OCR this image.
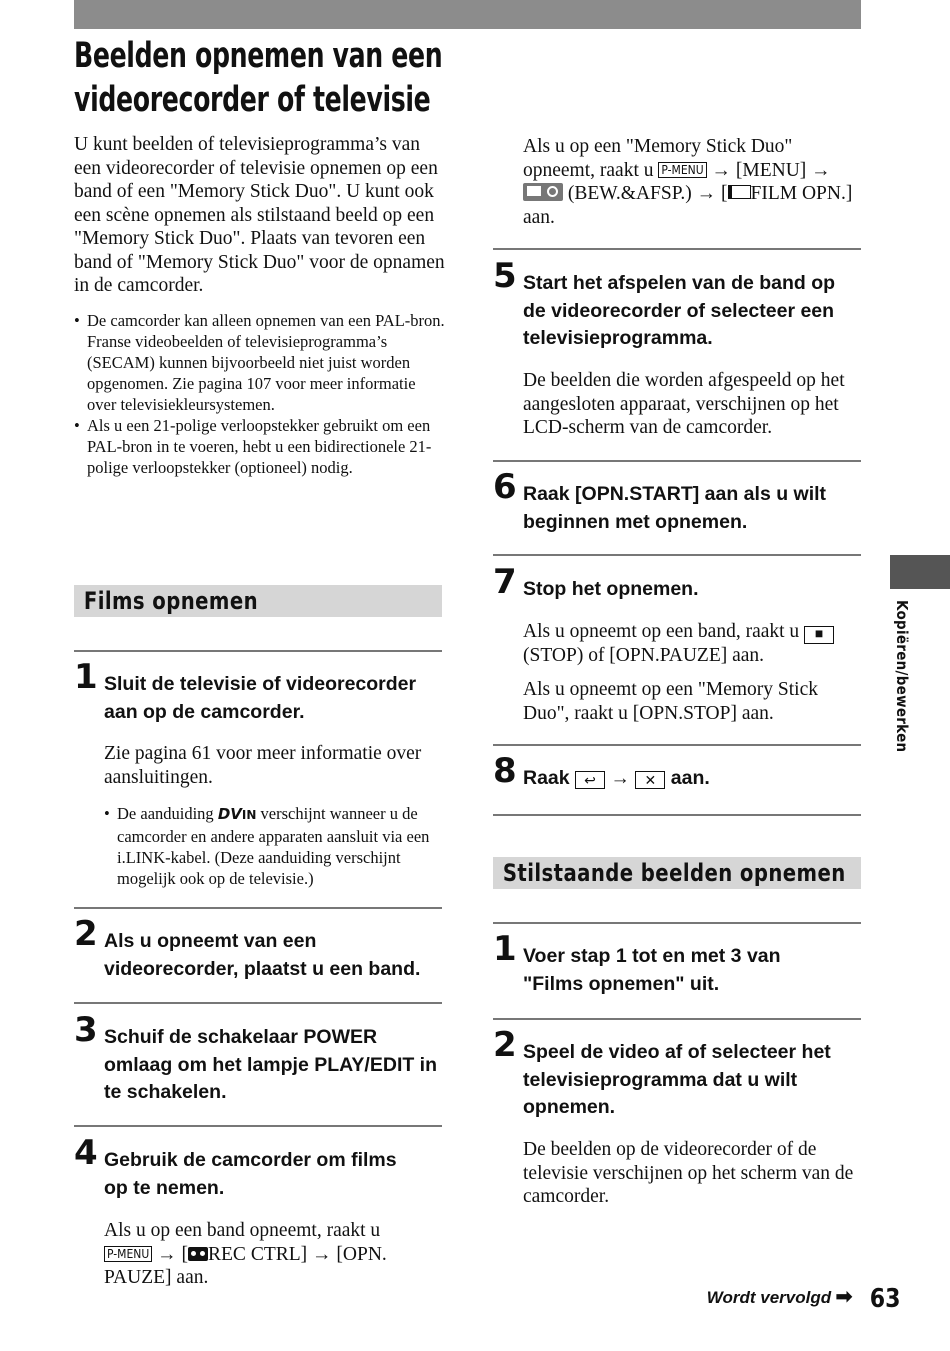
Beelden opnemen van een
videorecorder of televisie

U kunt beelden of televisieprogramma’s van een videorecorder of televisie opnemen op een band of een "Memory Stick Duo". U kunt ook een scène opnemen als stilstaand beeld op een "Memory Stick Duo". Plaats van tevoren een band of "Memory Stick Duo" voor de opnamen in de camcorder.

• De camcorder kan alleen opnemen van een PAL-bron. Franse videobeelden of televisieprogramma’s (SECAM) kunnen bijvoorbeeld niet juist worden opgenomen. Zie pagina 107 voor meer informatie over televisiekleursystemen.
• Als u een 21-polige verloopstekker gebruikt om een PAL-bron in te voeren, hebt u een bidirectionele 21-polige verloopstekker (optioneel) nodig.
Films opnemen
1 Sluit de televisie of videorecorder aan op de camcorder.
Zie pagina 61 voor meer informatie over aansluitingen.
• De aanduiding DVIN verschijnt wanneer u de camcorder en andere apparaten aansluit via een i.LINK-kabel. (Deze aanduiding verschijnt mogelijk ook op de televisie.)
2 Als u opneemt van een videorecorder, plaatst u een band.
3 Schuif de schakelaar POWER omlaag om het lampje PLAY/EDIT in te schakelen.
4 Gebruik de camcorder om films op te nemen.
Als u op een band opneemt, raakt u P-MENU → [ REC CTRL] → [OPN. PAUZE] aan.

Als u op een "Memory Stick Duo" opneemt, raakt u P-MENU → [MENU] →
(BEW.&AFSP.) → [ FILM OPN.] aan.

5 Start het afspelen van de band op de videorecorder of selecteer een televisieprogramma.
De beelden die worden afgespeeld op het aangesloten apparaat, verschijnen op het LCD-scherm van de camcorder.
6 Raak [OPN.START] aan als u wilt beginnen met opnemen.
7 Stop het opnemen.
Als u opneemt op een band, raakt u ■ (STOP) of [OPN.PAUZE] aan.
Als u opneemt op een "Memory Stick Duo", raakt u [OPN.STOP] aan.
8 Raak ↩ → ✕ aan.
Stilstaande beelden opnemen
1 Voer stap 1 tot en met 3 van "Films opnemen" uit.
2 Speel de video af of selecteer het televisieprogramma dat u wilt opnemen.
De beelden op de videorecorder of de televisie verschijnen op het scherm van de camcorder.
Kopiëren/bewerken
Wordt vervolgd ➡ 63
